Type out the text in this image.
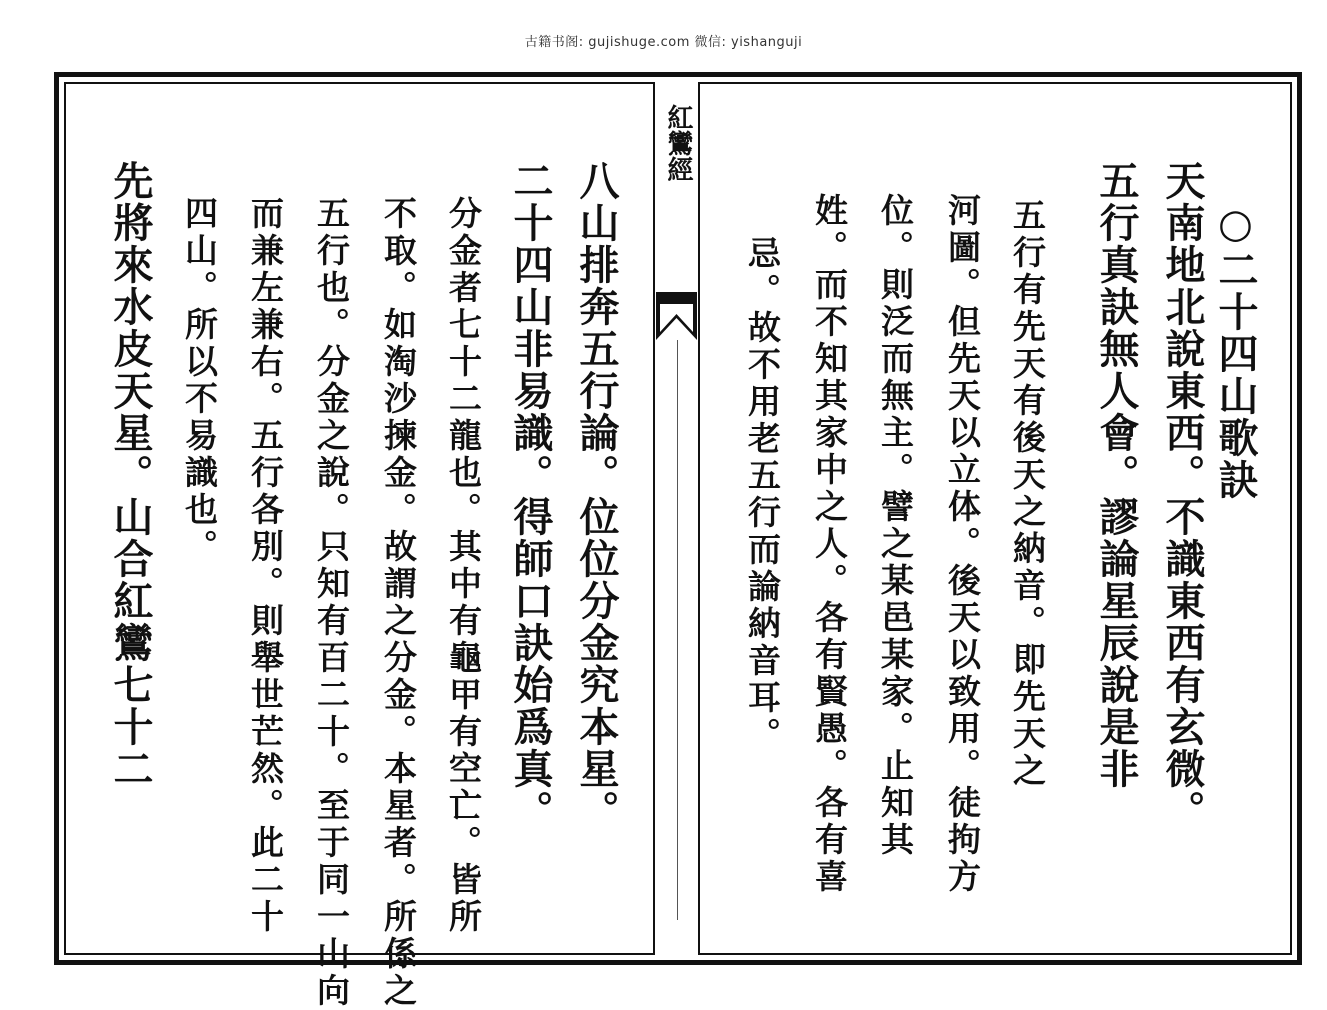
古籍书阁: gujishuge.com 微信: yishanguji
紅鸞經
○二十四山歌訣
天南地北說東西。不識東西有玄微。
五行真訣無人會。謬論星辰說是非
五行有先天有後天之納音。即先天之
河圖。但先天以立体。後天以致用。徒拘方
位。則泛而無主。譬之某邑某家。止知其
姓。而不知其家中之人。各有賢愚。各有喜
忌。故不用老五行而論納音耳。
八山排奔五行論。位位分金究本星。
二十四山非易識。得師口訣始爲真。
分金者七十二龍也。其中有龜甲有空亡。皆所
不取。如淘沙揀金。故謂之分金。本星者。所係之
五行也。分金之說。只知有百二十。至于同一山向
而兼左兼右。五行各別。則舉世芒然。此二十
四山。所以不易識也。
先將來水皮天星。山合紅鸞七十二
